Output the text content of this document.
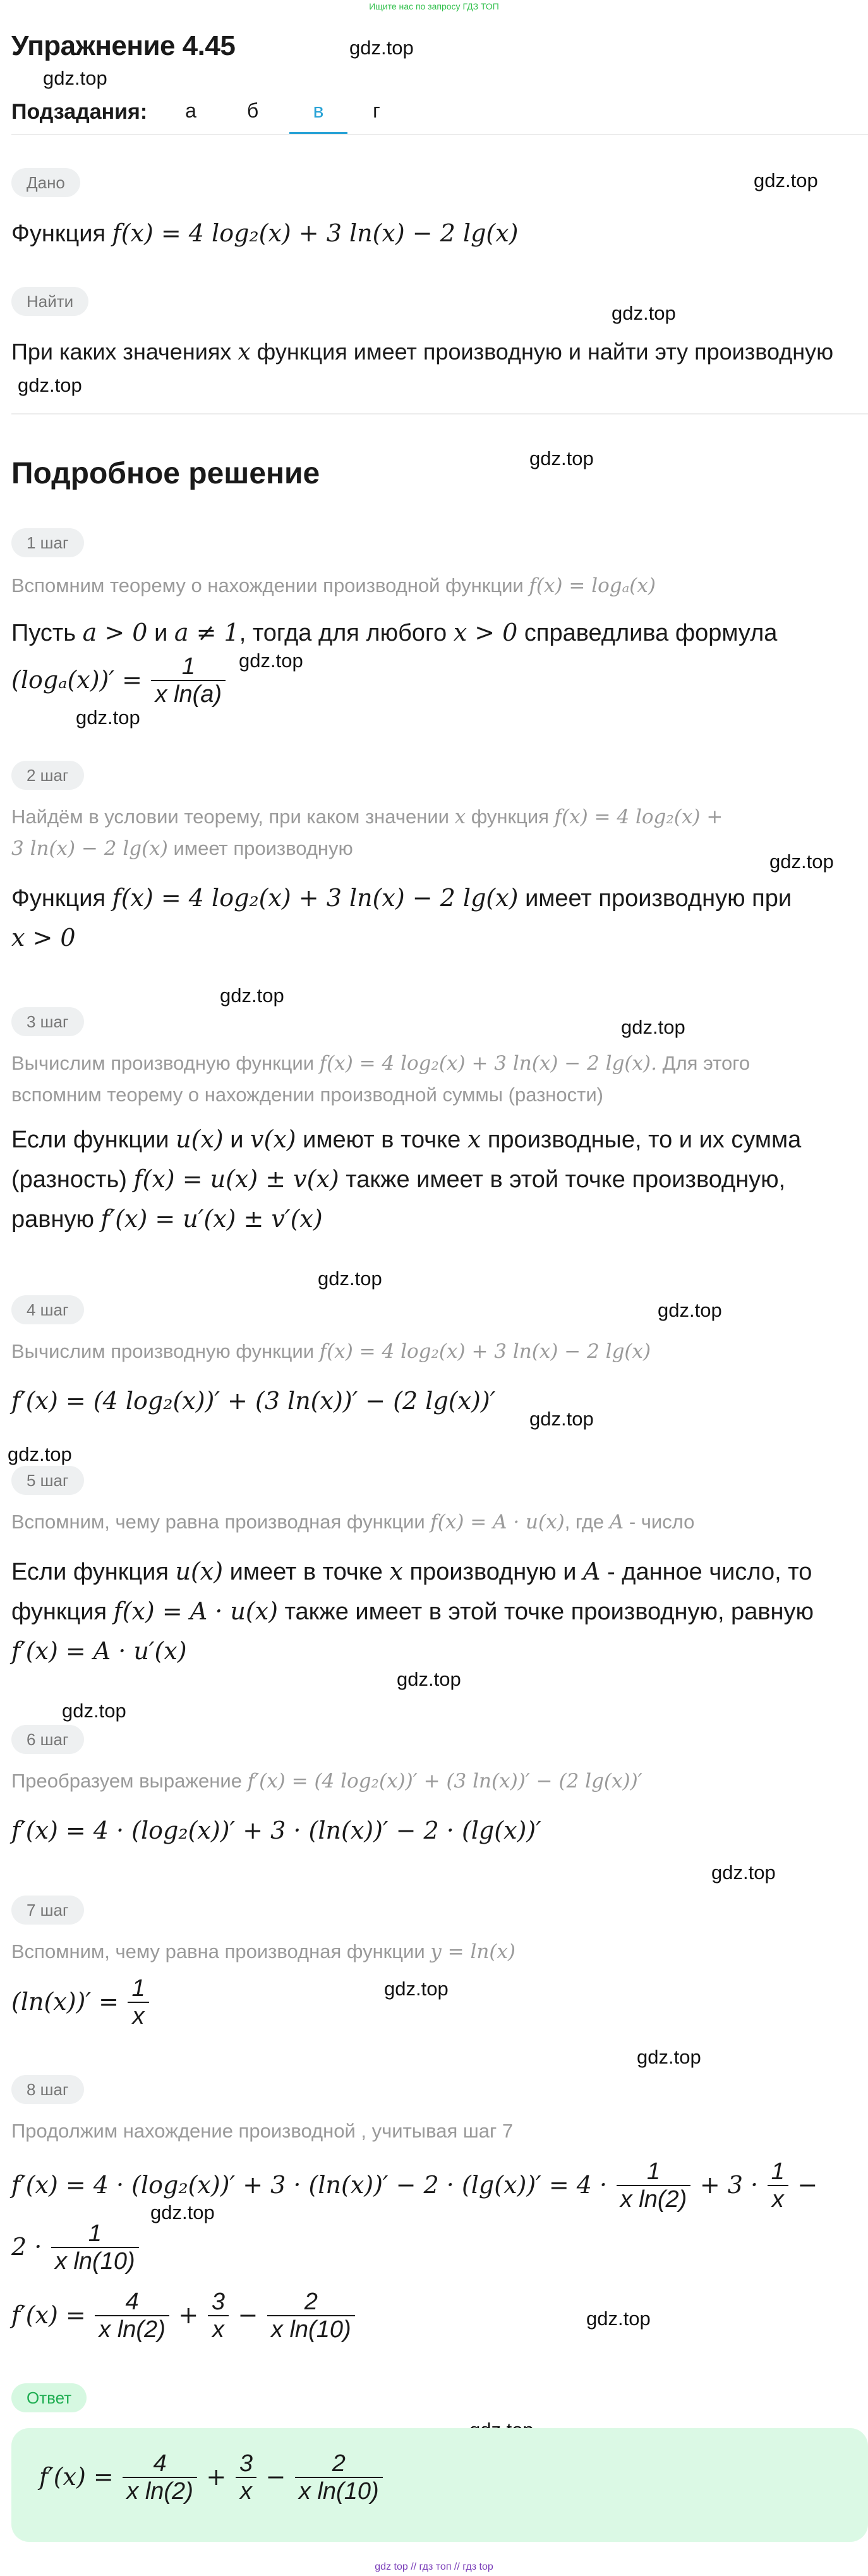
Ищите нас по запросу ГДЗ ТОП
Упражнение 4.45	gdz.top
gdz.top
gdz.top
gdz.top
gdz.top
gdz.top
gdz.top
gdz.top
gdz.top
gdz.top
gdz.top
gdz.top
gdz.top
gdz.top
gdz.top
gdz.top
gdz.top
gdz.top
gdz.top
gdz.top
gdz.top
gdz.top
Подзадания:	а	б	в	г
Дано
Функция f(x) = 4 log₂(x) + 3 ln(x) − 2 lg(x)
Найти
При каких значениях x функция имеет производную и найти эту производную
Подробное решение
1 шаг
Вспомним теорему о нахождении производной функции f(x) = logₐ(x)
Пусть a > 0 и a ≠ 1, тогда для любого x > 0 справедлива формула
$(\log_a(x))' = \frac{1}{\text{x ln(a)}}$
2 шаг
Найдём в условии теорему, при каком значении x функция f(x) = 4 log₂(x) +
3 ln(x) − 2 lg(x) имеет производную
Функция f(x) = 4 log₂(x) + 3 ln(x) − 2 lg(x) имеет производную при
x > 0
3 шаг
Вычислим производную функции f(x) = 4 log₂(x) + 3 ln(x) − 2 lg(x). Для этого
вспомним теорему о нахождении производной суммы (разности)
Если функции u(x) и v(x) имеют в точке x производные, то и их сумма
(разность) f(x) = u(x) ± v(x) также имеет в этой точке производную,
равную f′(x) = u′(x) ± v′(x)
4 шаг
Вычислим производную функции f(x) = 4 log₂(x) + 3 ln(x) − 2 lg(x)
f′(x) = (4 log₂(x))′ + (3 ln(x))′ − (2 lg(x))′
5 шаг
Вспомним, чему равна производная функции f(x) = A · u(x), где A - число
Если функция u(x) имеет в точке x производную и A - данное число, то
функция f(x) = A · u(x) также имеет в этой точке производную, равную
f′(x) = A · u′(x)
6 шаг
Преобразуем выражение f′(x) = (4 log₂(x))′ + (3 ln(x))′ − (2 lg(x))′
f′(x) = 4 · (log₂(x))′ + 3 · (ln(x))′ − 2 · (lg(x))′
7 шаг
Вспомним, чему равна производная функции y = ln(x)
$(\ln(x))' = \frac{1}{x}$
8 шаг
Продолжим нахождение производной , учитывая шаг 7
$f'(x) = 4 \cdot (\log_2(x))' + 3 \cdot (\ln(x))' - 2 \cdot (\lg(x))' = 4 \cdot \frac{1}{\text{x ln(2)}} + 3 \cdot \frac{1}{x}$ −
$2 \cdot \frac{1}{\text{x ln(10)}}$
$f'(x) = \frac{4}{\text{x ln(2)}} + \frac{3}{x} - \frac{2}{\text{x ln(10)}}$
Ответ
$f'(x) = \frac{4}{\text{x ln(2)}} + \frac{3}{x} - \frac{2}{\text{x ln(10)}}$
gdz top // гдз топ // гдз top
